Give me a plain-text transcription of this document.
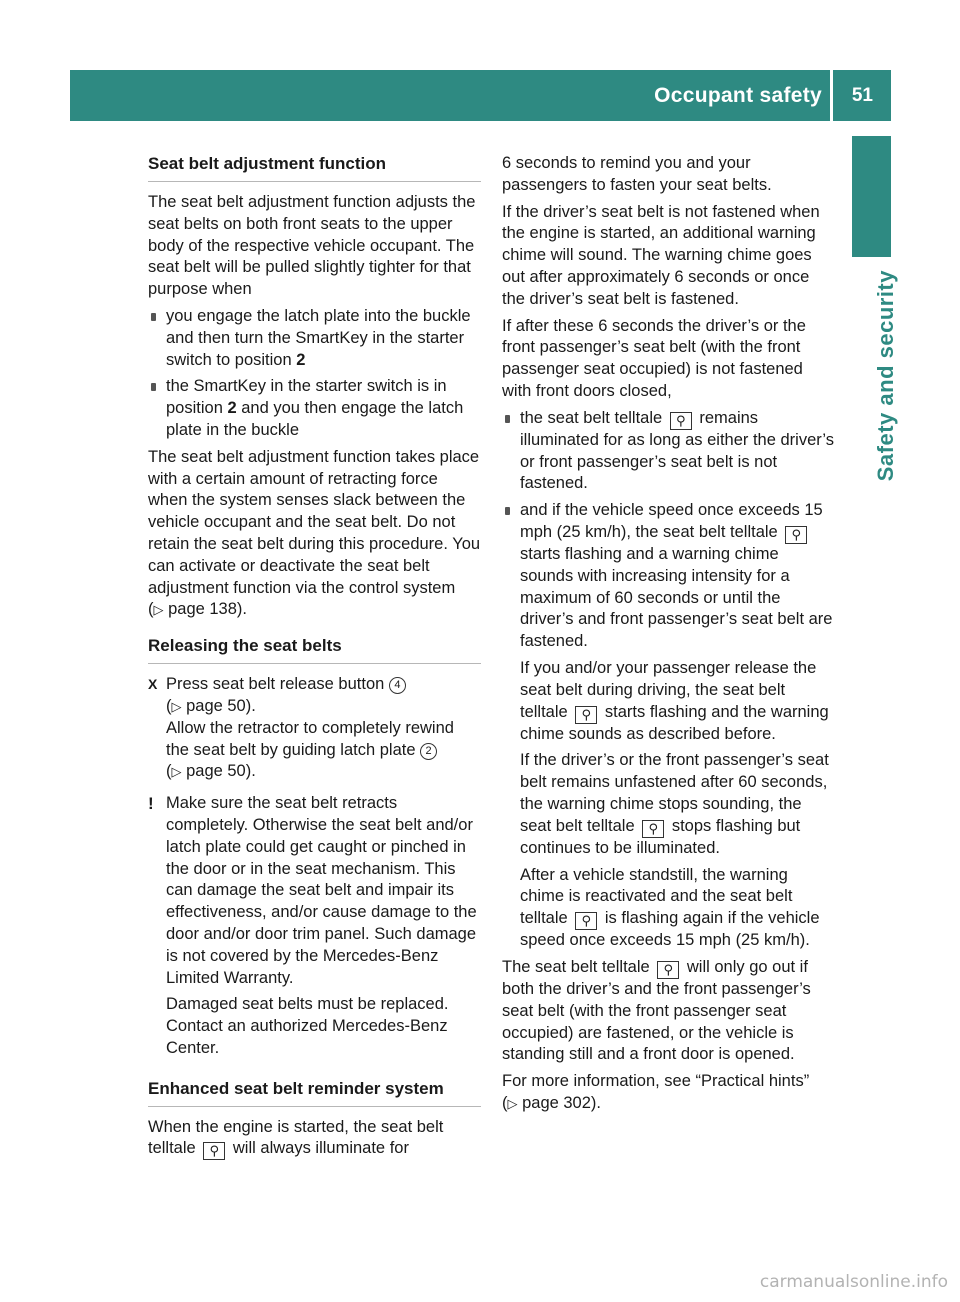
Occupant safety 51
Safety and security
Seat belt adjustment function

The seat belt adjustment function adjusts the seat belts on both front seats to the upper body of the respective vehicle occupant. The seat belt will be pulled slightly tighter for that purpose when

you engage the latch plate into the buckle and then turn the SmartKey in the starter switch to position 2
the SmartKey in the starter switch is in position 2 and you then engage the latch plate in the buckle

The seat belt adjustment function takes place with a certain amount of retracting force when the system senses slack between the vehicle occupant and the seat belt. Do not retain the seat belt during this procedure. You can activate or deactivate the seat belt adjustment function via the control system
(▷ page 138).

Releasing the seat belts
X Press seat belt release button 4
(▷ page 50).
Allow the retractor to completely rewind the seat belt by guiding latch plate 2
(▷ page 50).
! Make sure the seat belt retracts completely. Otherwise the seat belt and/or latch plate could get caught or pinched in the door or in the seat mechanism. This can damage the seat belt and impair its effectiveness, and/or cause damage to the door and/or door trim panel. Such damage is not covered by the Mercedes-Benz Limited Warranty.

Damaged seat belts must be replaced. Contact an authorized Mercedes-Benz Center.

Enhanced seat belt reminder system

When the engine is started, the seat belt telltale ⚲ will always illuminate for

6 seconds to remind you and your passengers to fasten your seat belts.

If the driver’s seat belt is not fastened when the engine is started, an additional warning chime will sound. The warning chime goes out after approximately 6 seconds or once the driver’s seat belt is fastened.

If after these 6 seconds the driver’s or the front passenger’s seat belt (with the front passenger seat occupied) is not fastened with front doors closed,

the seat belt telltale ⚲ remains illuminated for as long as either the driver’s or front passenger’s seat belt is not fastened.
and if the vehicle speed once exceeds 15 mph (25 km/h), the seat belt telltale ⚲ starts flashing and a warning chime sounds with increasing intensity for a maximum of 60 seconds or until the driver’s and front passenger’s seat belt are fastened.

If you and/or your passenger release the seat belt during driving, the seat belt telltale ⚲ starts flashing and the warning chime sounds as described before.

If the driver’s or the front passenger’s seat belt remains unfastened after 60 seconds, the warning chime stops sounding, the seat belt telltale ⚲ stops flashing but continues to be illuminated.

After a vehicle standstill, the warning chime is reactivated and the seat belt telltale ⚲ is flashing again if the vehicle speed once exceeds 15 mph (25 km/h).

The seat belt telltale ⚲ will only go out if both the driver’s and the front passenger’s seat belt (with the front passenger seat occupied) are fastened, or the vehicle is standing still and a front door is opened.

For more information, see “Practical hints”
(▷ page 302).

carmanualsonline.info
